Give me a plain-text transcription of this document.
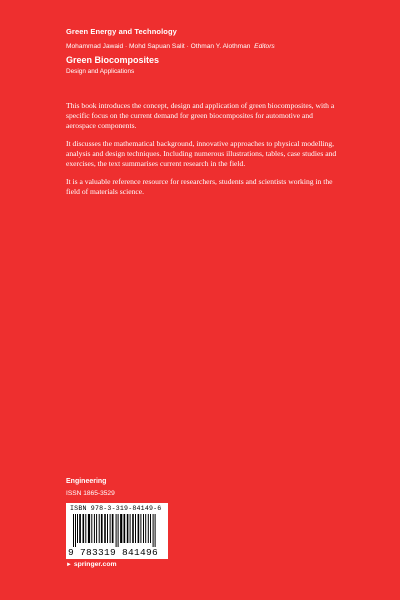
Green Energy and Technology
Mohammad Jawaid · Mohd Sapuan Salit · Othman Y. Alothman Editors
Green Biocomposites
Design and Applications

This book introduces the concept, design and application of green biocomposites, with a specific focus on the current demand for green biocomposites for automotive and aerospace components.

It discusses the mathematical background, innovative approaches to physical modelling, analysis and design techniques. Including numerous illustrations, tables, case studies and exercises, the text summarises current research in the field.

It is a valuable reference resource for researchers, students and scientists working in the field of materials science.

Engineering
ISSN 1865-3529
ISBN 978-3-319-84149-6
9 783319 841496
► springer.com
